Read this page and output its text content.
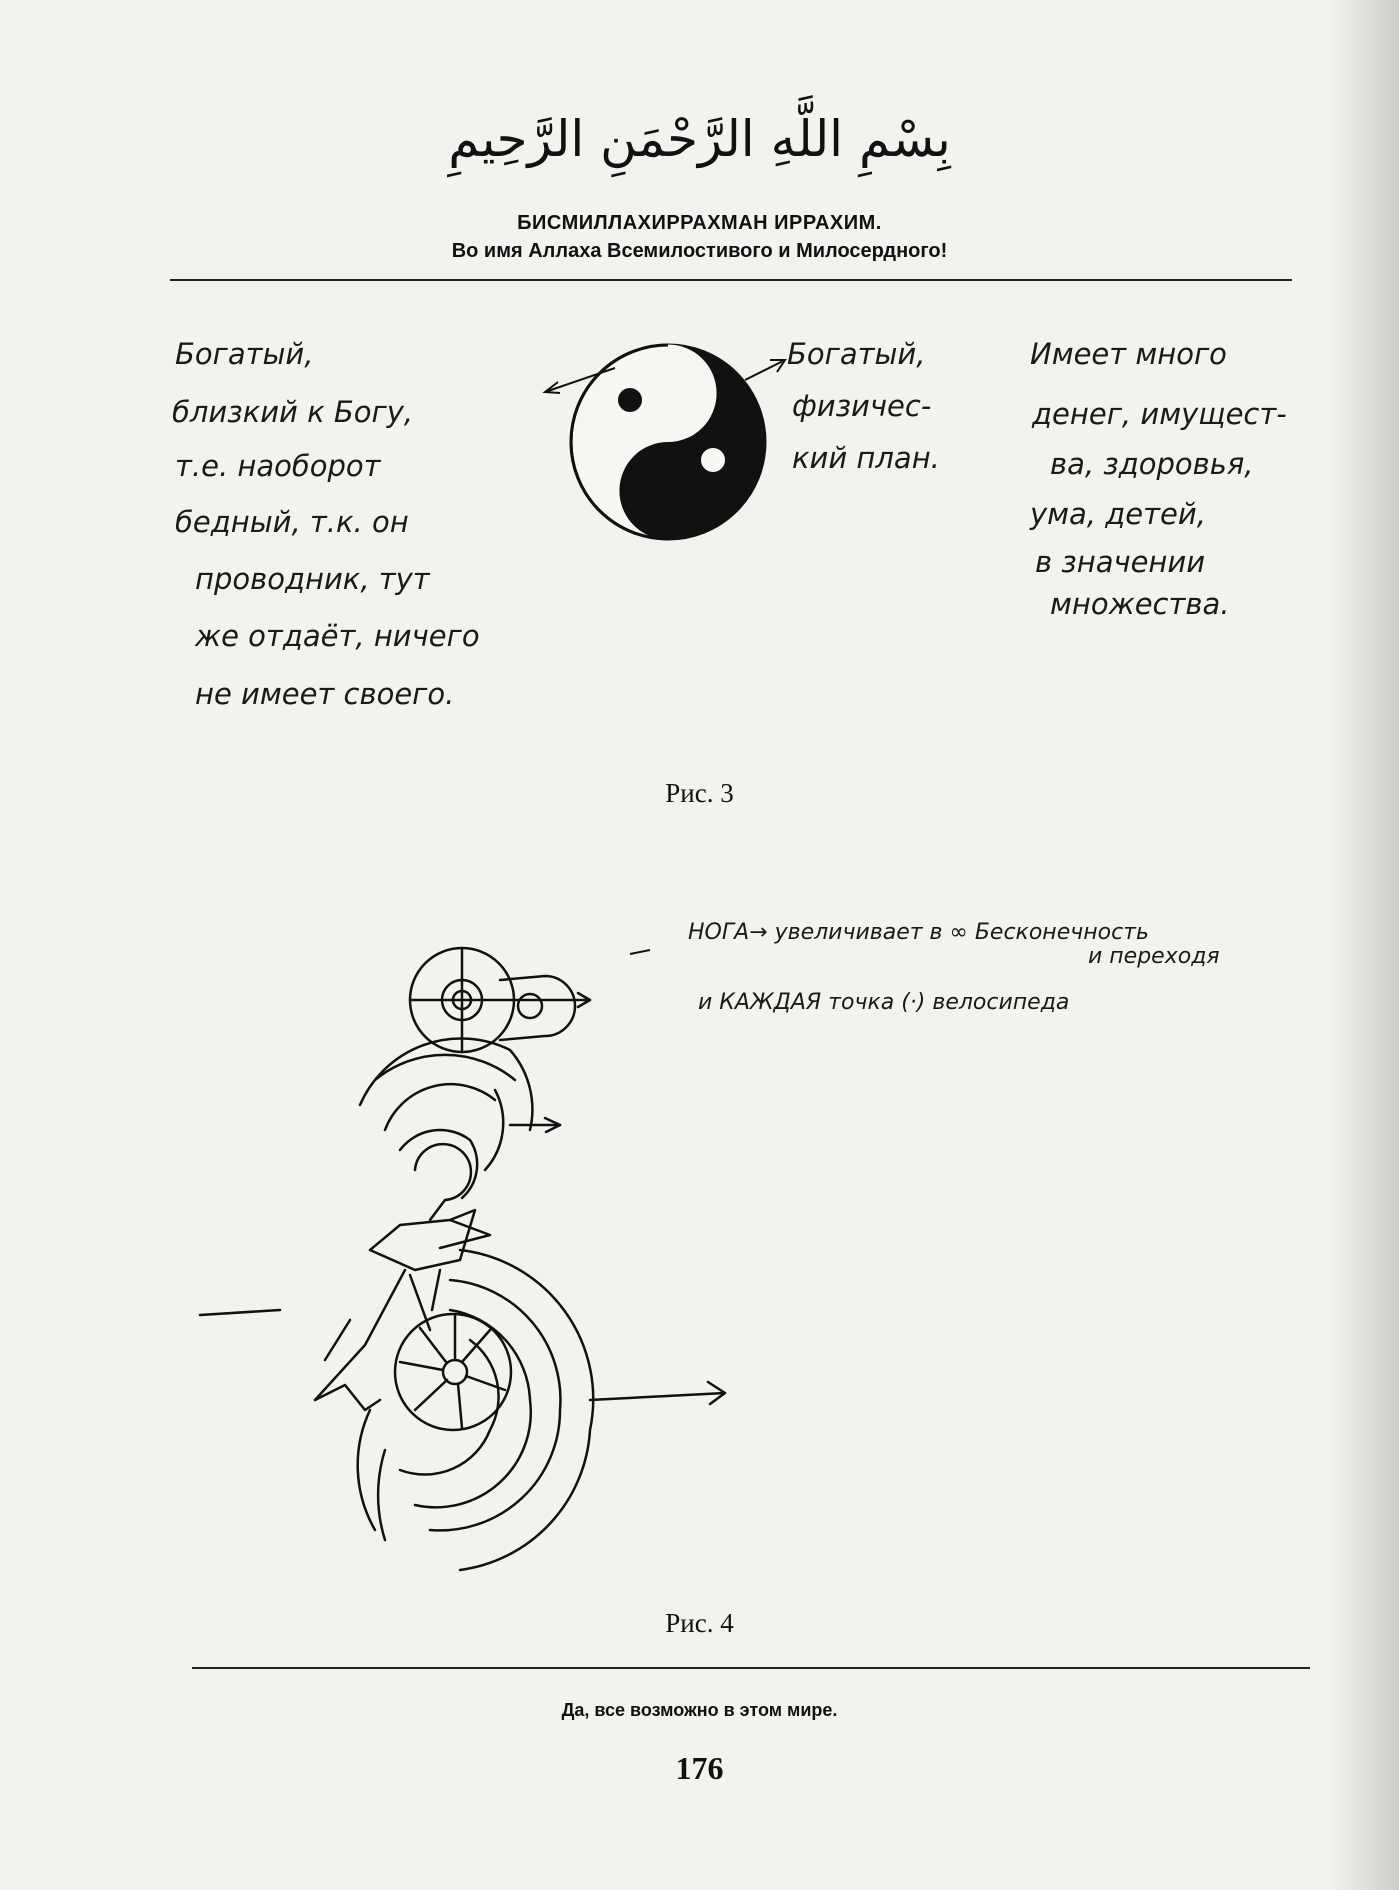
بِسْمِ اللَّهِ الرَّحْمَنِ الرَّحِيمِ
БИСМИЛЛАХИРРАХМАН ИРРАХИМ.
Во имя Аллаха Всемилостивого и Милосердного!
Богатый,
близкий к Богу,
т.е. наоборот
бедный, т.к. он
проводник, тут
же отдаёт, ничего
не имеет своего.
Богатый,
физичес-
кий план.
Имеет много
денег, имущест-
ва, здоровья,
ума, детей,
в значении
множества.
Рис. 3
НОГА→ увеличивает в ∞ Бесконечность
и переходя
и КАЖДАЯ точка (·) велосипеда
Рис. 4
Да, все возможно в этом мире.
176
